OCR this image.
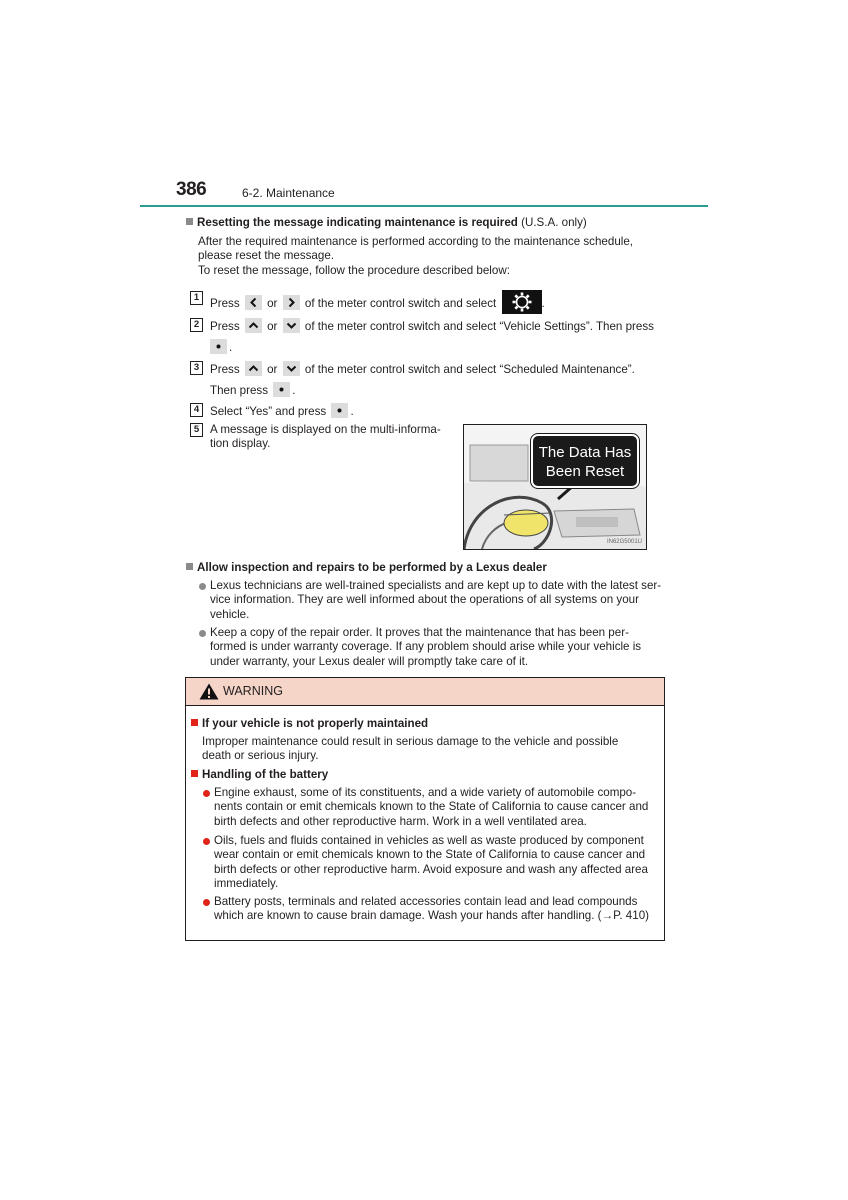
386	6-2. Maintenance
Resetting the message indicating maintenance is required (U.S.A. only)
After the required maintenance is performed according to the maintenance schedule,
please reset the message.
To reset the message, follow the procedure described below:
1 Press or of the meter control switch and select	.
2 Press or of the meter control switch and select “Vehicle Settings”. Then press
.
3 Press or of the meter control switch and select “Scheduled Maintenance”.
Then press .
4 Select “Yes” and press .
5 A message is displayed on the multi-informa-
tion display.
The Data Has
Been Reset
IN62G5001U
Allow inspection and repairs to be performed by a Lexus dealer
Lexus technicians are well-trained specialists and are kept up to date with the latest ser-
vice information. They are well informed about the operations of all systems on your
vehicle.
Keep a copy of the repair order. It proves that the maintenance that has been per-
formed is under warranty coverage. If any problem should arise while your vehicle is
under warranty, your Lexus dealer will promptly take care of it.
WARNING
If your vehicle is not properly maintained
Improper maintenance could result in serious damage to the vehicle and possible
death or serious injury.
Handling of the battery
Engine exhaust, some of its constituents, and a wide variety of automobile compo-
nents contain or emit chemicals known to the State of California to cause cancer and
birth defects and other reproductive harm. Work in a well ventilated area.
Oils, fuels and fluids contained in vehicles as well as waste produced by component
wear contain or emit chemicals known to the State of California to cause cancer and
birth defects or other reproductive harm. Avoid exposure and wash any affected area
immediately.
Battery posts, terminals and related accessories contain lead and lead compounds
which are known to cause brain damage. Wash your hands after handling. (→P. 410)
